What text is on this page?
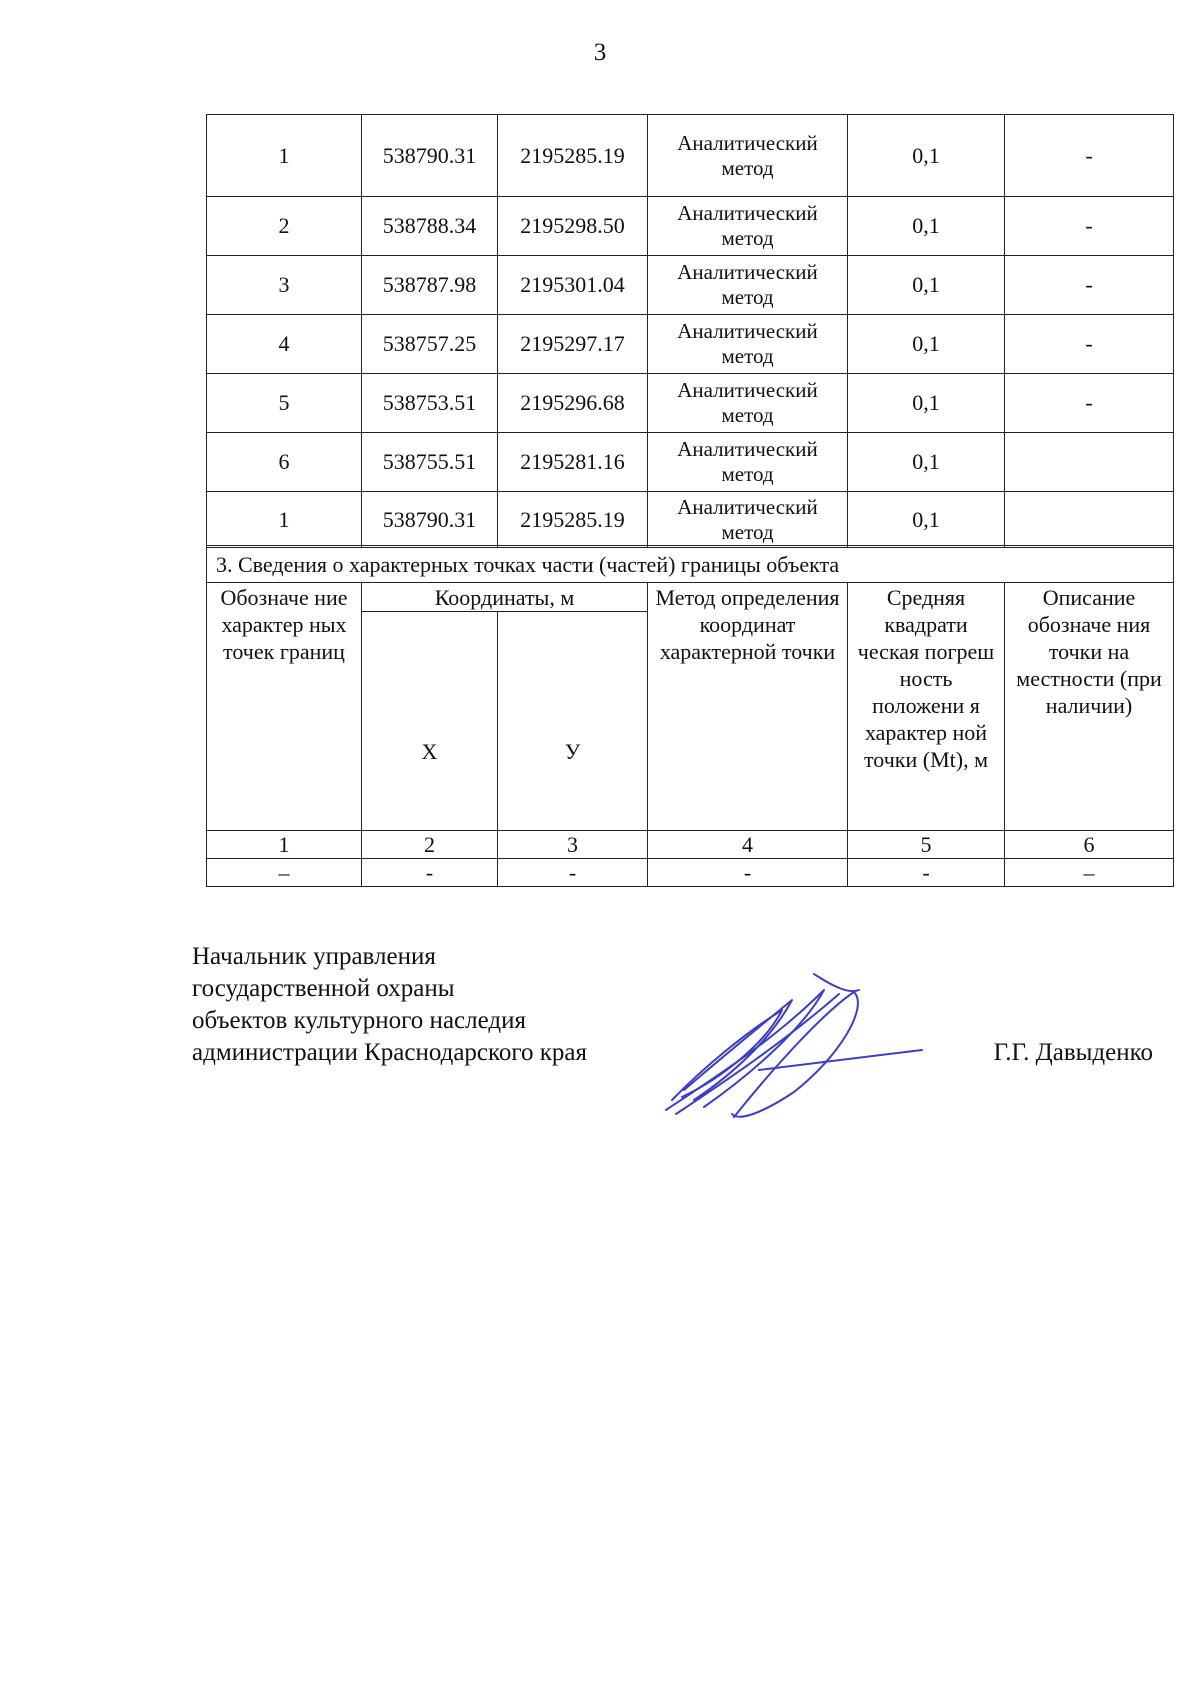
3
1	538790.31	2195285.19	Аналитический метод	0,1	-
2	538788.34	2195298.50	Аналитический метод	0,1	-
3	538787.98	2195301.04	Аналитический метод	0,1	-
4	538757.25	2195297.17	Аналитический метод	0,1	-
5	538753.51	2195296.68	Аналитический метод	0,1	-
6	538755.51	2195281.16	Аналитический метод	0,1	
1	538790.31	2195285.19	Аналитический метод	0,1	
3. Сведения о характерных точках части (частей) границы объекта					
Обозначе ние характер ных точек границ	Координаты, м		Метод определения координат характерной точки	Средняя квадрати ческая погреш ность положени я характер ной точки (Mt), м	Описание обозначе ния точки на местности (при наличии)
	Х	У			
1	2	3	4	5	6
–	-	-	-	-	–
Начальник управления
государственной охраны
объектов культурного наследия
администрации Краснодарского края	Г.Г. Давыденко
